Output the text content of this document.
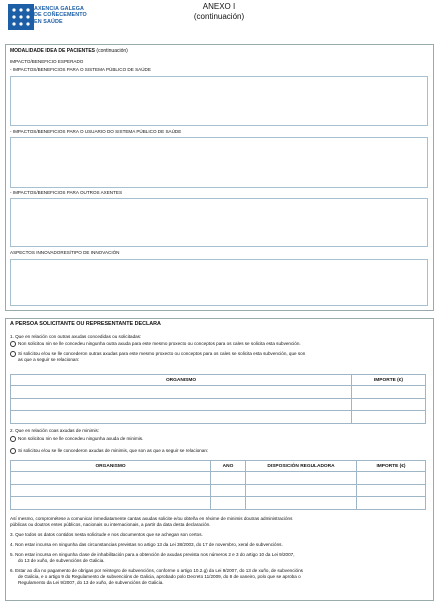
AXENCIA GALEGA
DE COÑECEMENTO
EN SAÚDE
ANEXO I
(continuación)
MODALIDADE IDEA DE PACIENTES (continuación)
IMPACTO/BENEFICIO ESPERADO
- IMPACTOS/BENEFICIOS PARA O SISTEMA PÚBLICO DE SAÚDE
- IMPACTOS/BENEFICIOS PARA O USUARIO DO SISTEMA PÚBLICO DE SAÚDE
- IMPACTOS/BENEFICIOS PARA OUTROS AXENTES
ASPECTOS INNOVADORES/TIPO DE INNOVACIÓN
A PERSOA SOLICITANTE OU REPRESENTANTE DECLARA
1. Que en relación con outras axudas concedidas ou solicitadas:
Non solicitou nin se lle concedeu ningunha outra axuda para este mesmo proxecto ou conceptos para os cales se solicita esta subvención.
Si solicitou e/ou se lle concederon outras axudas para este mesmo proxecto ou conceptos para os cales se solicita esta subvención, que son
as que a seguir se relacionan:
ORGANISMO	IMPORTE (€)

2. Que en relación coas axudas de minimis:
Non solicitou nin se lle concedeu ningunha axuda de minimis.
Si solicitou e/ou se lle concederon axudas de minimis, que son as que a seguir se relacionan:
ORGANISMO	ANO	DISPOSICIÓN REGULADORA	IMPORTE (€)

Así mesmo, comprométese a comunicar inmediatamente cantas axudas solicite e/ou obteña en réxime de minimis doutras administracións
públicas ou doutros entes públicos, nacionais ou internacionais, a partir da data desta declaración.
3. Que todos os datos contidos nesta solicitude e nos documentos que se achegan son certos.
4. Non estar incursa en ningunha das circunstancias previstas no artigo 13 da Lei 38/2003, do 17 de novembro, xeral de subvencións.
5. Non estar incursa en ningunha clase de inhabilitación para a obtención de axudas prevista nos números 2 e 3 do artigo 10 da Lei 9/2007,
do 13 de xuño, de subvencións de Galicia.
6. Estar ao día no pagamento de obrigas por reintegro de subvencións, conforme o artigo 10.2.g) da Lei 9/2007, do 13 de xuño, de subvencións
de Galicia, e o artigo 9 do Regulamento de subvencións de Galicia, aprobado polo Decreto 11/2009, do 8 de xaneiro, polo que se aproba o
Regulamento da Lei 9/2007, do 13 de xuño, de subvencións de Galicia.
